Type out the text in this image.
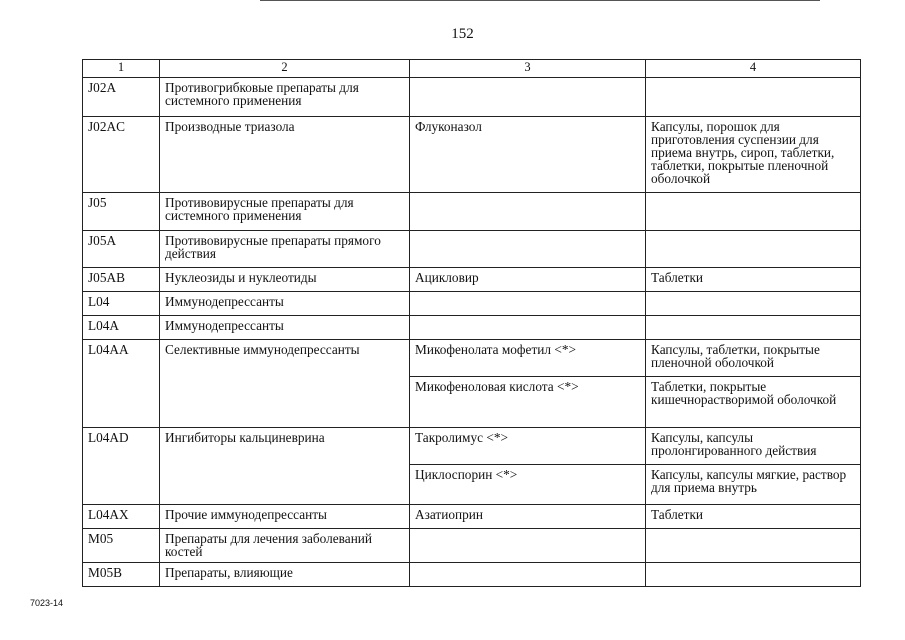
152
1	2	3	4
J02A	Противогрибковые препараты для системного применения		
J02AC	Производные триазола	Флуконазол	Капсулы, порошок для приготовления суспензии для приема внутрь, сироп, таблетки, таблетки, покрытые пленочной оболочкой
J05	Противовирусные препараты для системного применения		
J05A	Противовирусные препараты прямого действия		
J05AB	Нуклеозиды и нуклеотиды	Ацикловир	Таблетки
L04	Иммунодепрессанты		
L04A	Иммунодепрессанты		
L04AA	Селективные иммунодепрессанты	Микофенолата мофетил <*>	Капсулы, таблетки, покрытые пленочной оболочкой
		Микофеноловая кислота <*>	Таблетки, покрытые кишечнорастворимой оболочкой
L04AD	Ингибиторы кальциневрина	Такролимус <*>	Капсулы, капсулы пролонгированного действия
		Циклоспорин <*>	Капсулы, капсулы мягкие, раствор для приема внутрь
L04AX	Прочие иммунодепрессанты	Азатиоприн	Таблетки
M05	Препараты для лечения заболеваний костей		
M05B	Препараты, влияющие		
7023-14
